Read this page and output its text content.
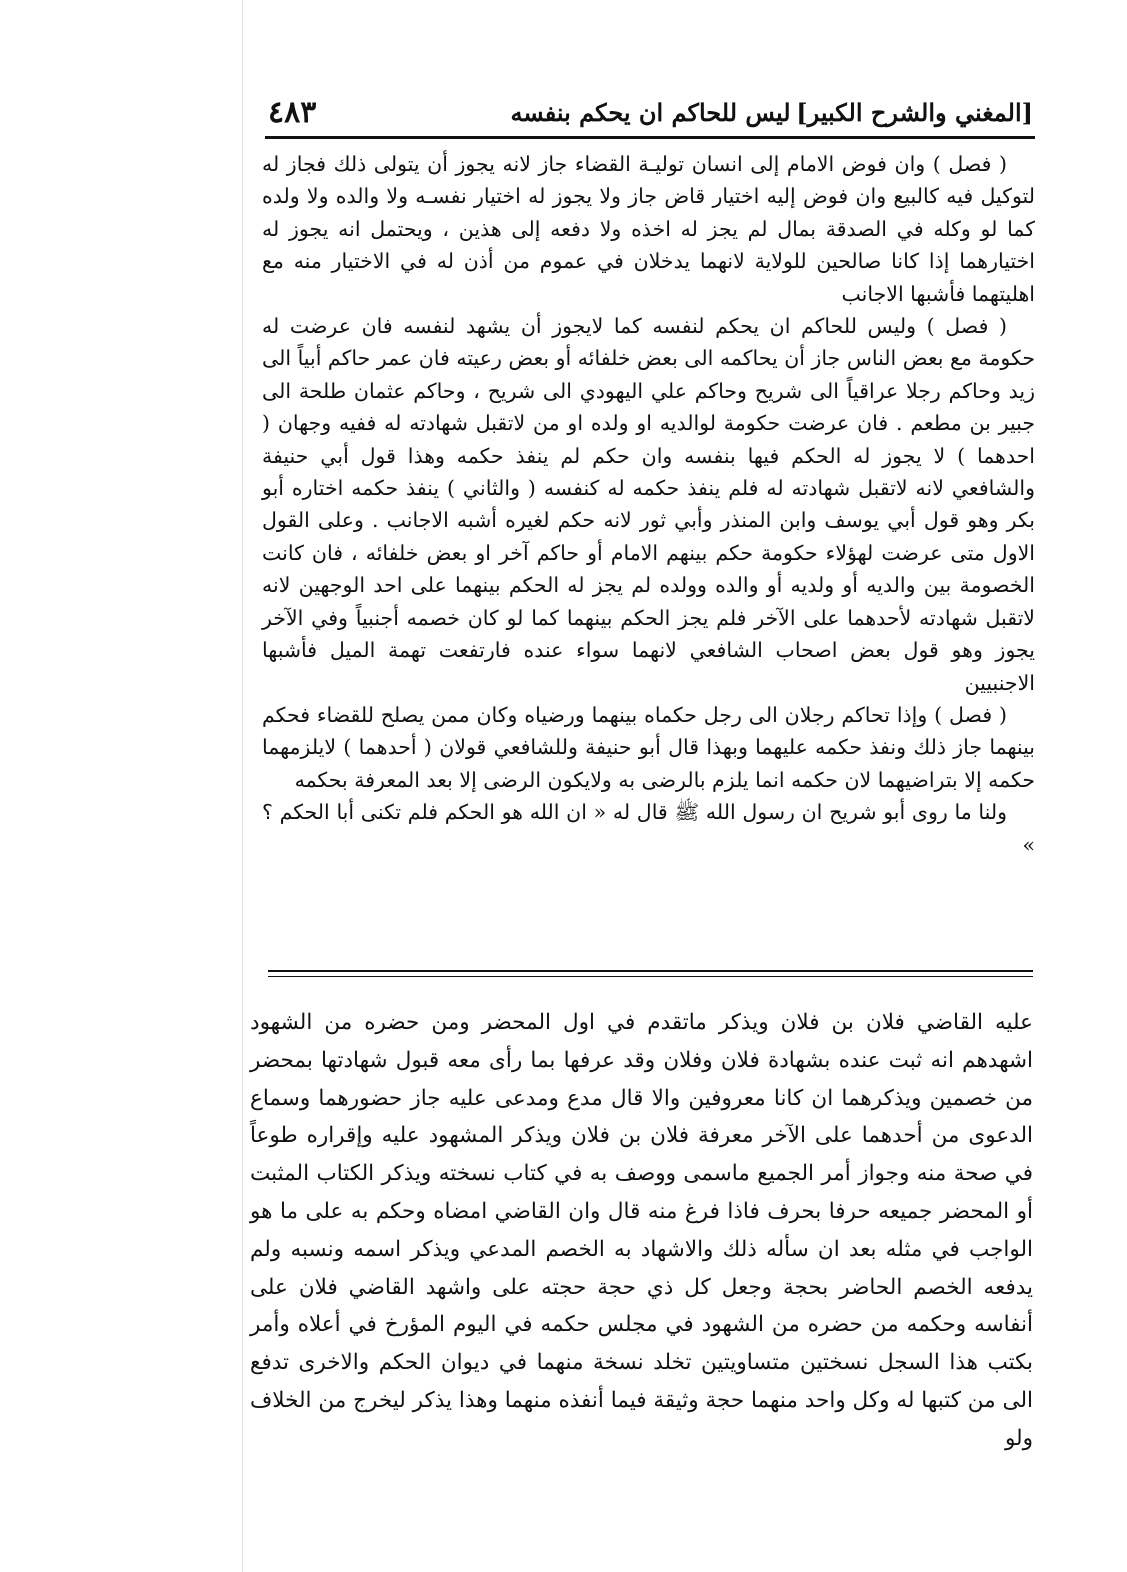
[المغني والشرح الكبير]
ليس للحاكم ان يحكم بنفسه
٤٨٣

( فصل ) وان فوض الامام إلى انسان توليـة القضاء جاز لانه يجوز أن يتولى ذلك فجاز له لتوكيل فيه كالبيع وان فوض إليه اختيار قاض جاز ولا يجوز له اختيار نفسـه ولا والده ولا ولده كما لو وكله في الصدقة بمال لم يجز له اخذه ولا دفعه إلى هذين ، ويحتمل انه يجوز له اختيارهما إذا كانا صالحين للولاية لانهما يدخلان في عموم من أذن له في الاختيار منه مع اهليتهما فأشبها الاجانب

( فصل ) وليس للحاكم ان يحكم لنفسه كما لايجوز أن يشهد لنفسه فان عرضت له حكومة مع بعض الناس جاز أن يحاكمه الى بعض خلفائه أو بعض رعيته فان عمر حاكم أبياً الى زيد وحاكم رجلا عراقياً الى شريح وحاكم علي اليهودي الى شريح ، وحاكم عثمان طلحة الى جبير بن مطعم . فان عرضت حكومة لوالديه او ولده او من لاتقبل شهادته له ففيه وجهان ( احدهما ) لا يجوز له الحكم فيها بنفسه وان حكم لم ينفذ حكمه وهذا قول أبي حنيفة والشافعي لانه لاتقبل شهادته له فلم ينفذ حكمه له كنفسه ( والثاني ) ينفذ حكمه اختاره أبو بكر وهو قول أبي يوسف وابن المنذر وأبي ثور لانه حكم لغيره أشبه الاجانب . وعلى القول الاول متى عرضت لهؤلاء حكومة حكم بينهم الامام أو حاكم آخر او بعض خلفائه ، فان كانت الخصومة بين والديه أو ولديه أو والده وولده لم يجز له الحكم بينهما على احد الوجهين لانه لاتقبل شهادته لأحدهما على الآخر فلم يجز الحكم بينهما كما لو كان خصمه أجنبياً وفي الآخر يجوز وهو قول بعض اصحاب الشافعي لانهما سواء عنده فارتفعت تهمة الميل فأشبها الاجنبيين

( فصل ) وإذا تحاكم رجلان الى رجل حكماه بينهما ورضياه وكان ممن يصلح للقضاء فحكم بينهما جاز ذلك ونفذ حكمه عليهما وبهذا قال أبو حنيفة وللشافعي قولان ( أحدهما ) لايلزمهما حكمه إلا بتراضيهما لان حكمه انما يلزم بالرضى به ولايكون الرضى إلا بعد المعرفة بحكمه

ولنا ما روى أبو شريح ان رسول الله ﷺ قال له « ان الله هو الحكم فلم تكنى أبا الحكم ؟ »

عليه القاضي فلان بن فلان ويذكر ماتقدم في اول المحضر ومن حضره من الشهود اشهدهم انه ثبت عنده بشهادة فلان وفلان وقد عرفها بما رأى معه قبول شهادتها بمحضر من خصمين ويذكرهما ان كانا معروفين والا قال مدع ومدعى عليه جاز حضورهما وسماع الدعوى من أحدهما على الآخر معرفة فلان بن فلان ويذكر المشهود عليه وإقراره طوعاً في صحة منه وجواز أمر الجميع ماسمى ووصف به في كتاب نسخته ويذكر الكتاب المثبت أو المحضر جميعه حرفا بحرف فاذا فرغ منه قال وان القاضي امضاه وحكم به على ما هو الواجب في مثله بعد ان سأله ذلك والاشهاد به الخصم المدعي ويذكر اسمه ونسبه ولم يدفعه الخصم الحاضر بحجة وجعل كل ذي حجة حجته على واشهد القاضي فلان على أنفاسه وحكمه من حضره من الشهود في مجلس حكمه في اليوم المؤرخ في أعلاه وأمر بكتب هذا السجل نسختين متساويتين تخلد نسخة منهما في ديوان الحكم والاخرى تدفع الى من كتبها له وكل واحد منهما حجة وثيقة فيما أنفذه منهما وهذا يذكر ليخرج من الخلاف ولو
